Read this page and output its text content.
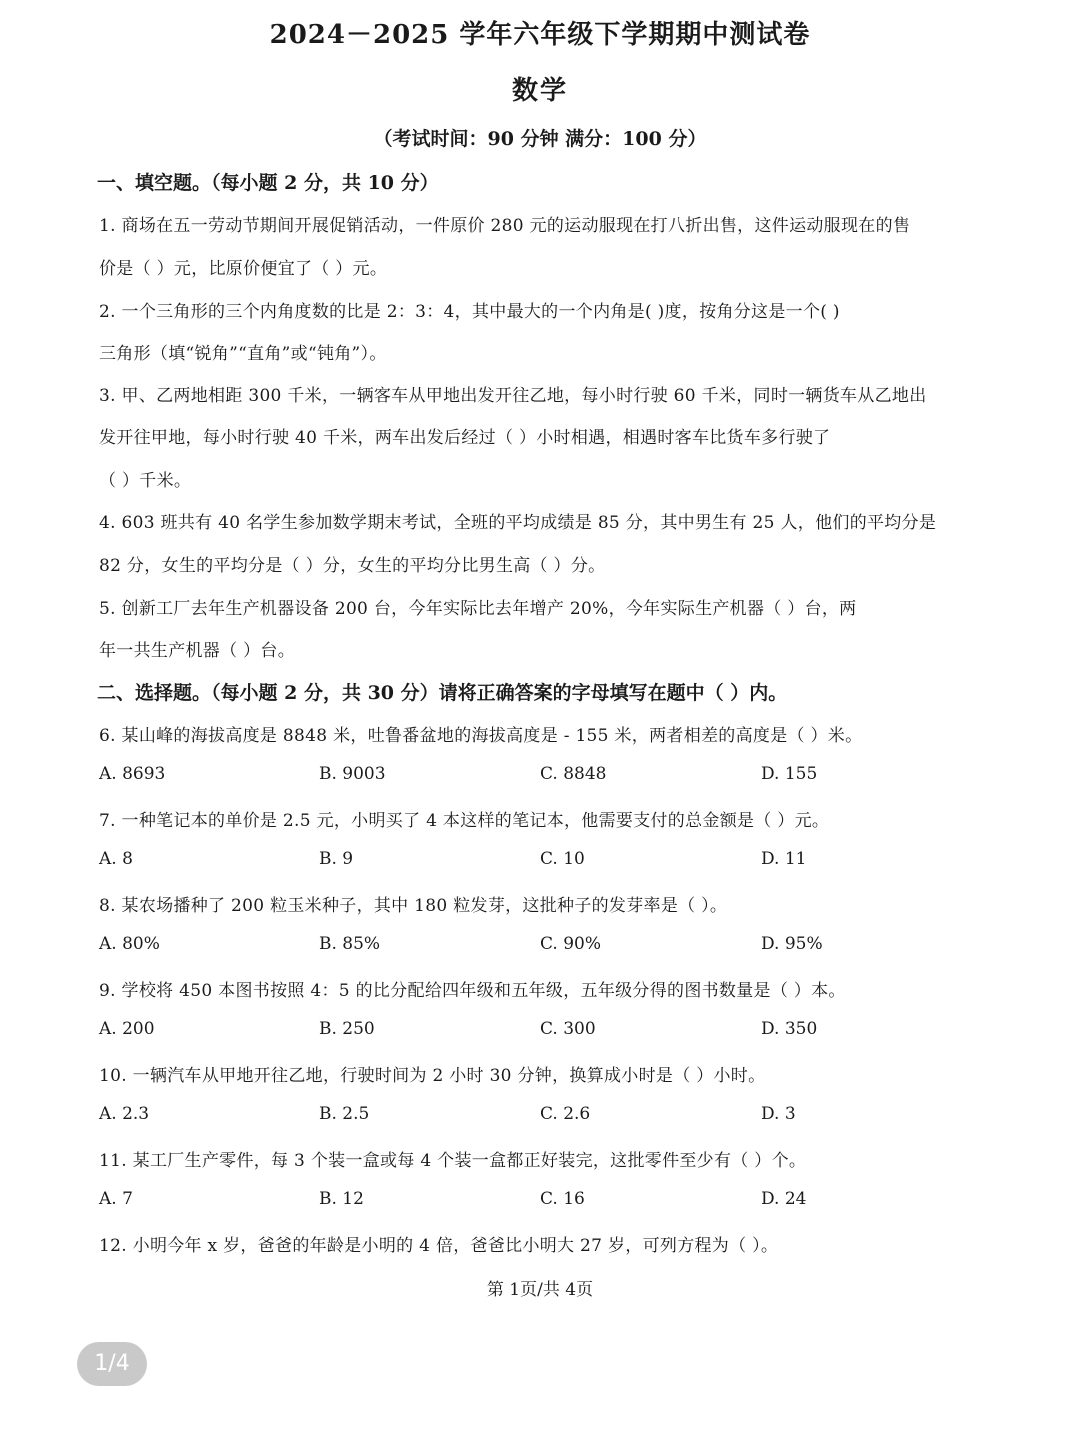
2024－2025 学年六年级下学期期中测试卷
数学
（考试时间：90 分钟 满分：100 分）
一、填空题。（每小题 2 分，共 10 分）
1. 商场在五一劳动节期间开展促销活动，一件原价 280 元的运动服现在打八折出售，这件运动服现在的售
价是（ ）元，比原价便宜了（ ）元。
2. 一个三角形的三个内角度数的比是 2：3：4，其中最大的一个内角是( )度，按角分这是一个( )
三角形（填“锐角”“直角”或“钝角”）。
3. 甲、乙两地相距 300 千米，一辆客车从甲地出发开往乙地，每小时行驶 60 千米，同时一辆货车从乙地出
发开往甲地，每小时行驶 40 千米，两车出发后经过（ ）小时相遇，相遇时客车比货车多行驶了
（ ）千米。
4. 603 班共有 40 名学生参加数学期末考试，全班的平均成绩是 85 分，其中男生有 25 人，他们的平均分是
82 分，女生的平均分是（ ）分，女生的平均分比男生高（ ）分。
5. 创新工厂去年生产机器设备 200 台，今年实际比去年增产 20%，今年实际生产机器（ ）台，两
年一共生产机器（ ）台。
二、选择题。（每小题 2 分，共 30 分）请将正确答案的字母填写在题中（ ）内。
6. 某山峰的海拔高度是 8848 米，吐鲁番盆地的海拔高度是 - 155 米，两者相差的高度是（ ）米。
A. 8693	B. 9003	C. 8848	D. 155
7. 一种笔记本的单价是 2.5 元，小明买了 4 本这样的笔记本，他需要支付的总金额是（ ）元。
A. 8	B. 9	C. 10	D. 11
8. 某农场播种了 200 粒玉米种子，其中 180 粒发芽，这批种子的发芽率是（ ）。
A. 80%	B. 85%	C. 90%	D. 95%
9. 学校将 450 本图书按照 4：5 的比分配给四年级和五年级，五年级分得的图书数量是（ ）本。
A. 200	B. 250	C. 300	D. 350
10. 一辆汽车从甲地开往乙地，行驶时间为 2 小时 30 分钟，换算成小时是（ ）小时。
A. 2.3	B. 2.5	C. 2.6	D. 3
11. 某工厂生产零件，每 3 个装一盒或每 4 个装一盒都正好装完，这批零件至少有（ ）个。
A. 7	B. 12	C. 16	D. 24
12. 小明今年 x 岁，爸爸的年龄是小明的 4 倍，爸爸比小明大 27 岁，可列方程为（ ）。
第 1页/共 4页
1/4
